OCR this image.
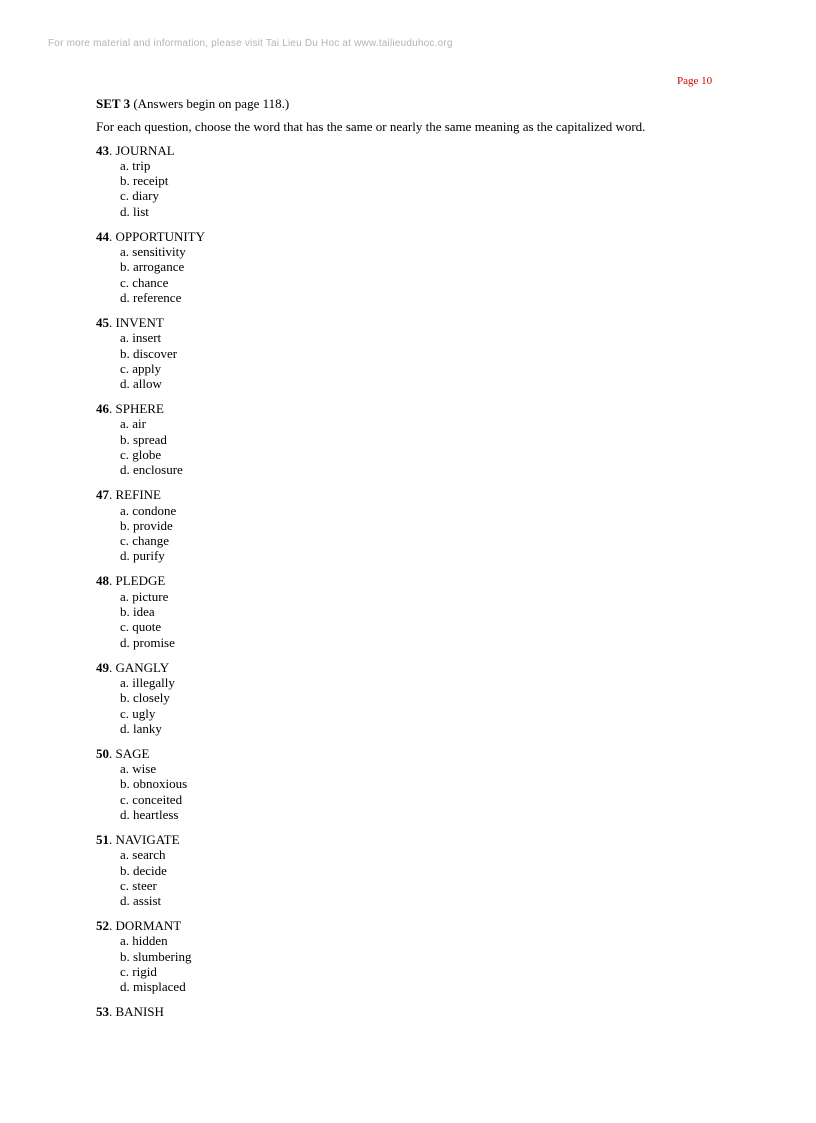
For more material and information, please visit Tai Lieu Du Hoc at www.tailieuduhoc.org
Page 10

SET 3 (Answers begin on page 118.)

For each question, choose the word that has the same or nearly the same meaning as the capitalized word.

43. JOURNAL
a. trip
b. receipt
c. diary
d. list
44. OPPORTUNITY
a. sensitivity
b. arrogance
c. chance
d. reference
45. INVENT
a. insert
b. discover
c. apply
d. allow
46. SPHERE
a. air
b. spread
c. globe
d. enclosure
47. REFINE
a. condone
b. provide
c. change
d. purify
48. PLEDGE
a. picture
b. idea
c. quote
d. promise
49. GANGLY
a. illegally
b. closely
c. ugly
d. lanky
50. SAGE
a. wise
b. obnoxious
c. conceited
d. heartless
51. NAVIGATE
a. search
b. decide
c. steer
d. assist
52. DORMANT
a. hidden
b. slumbering
c. rigid
d. misplaced
53. BANISH
